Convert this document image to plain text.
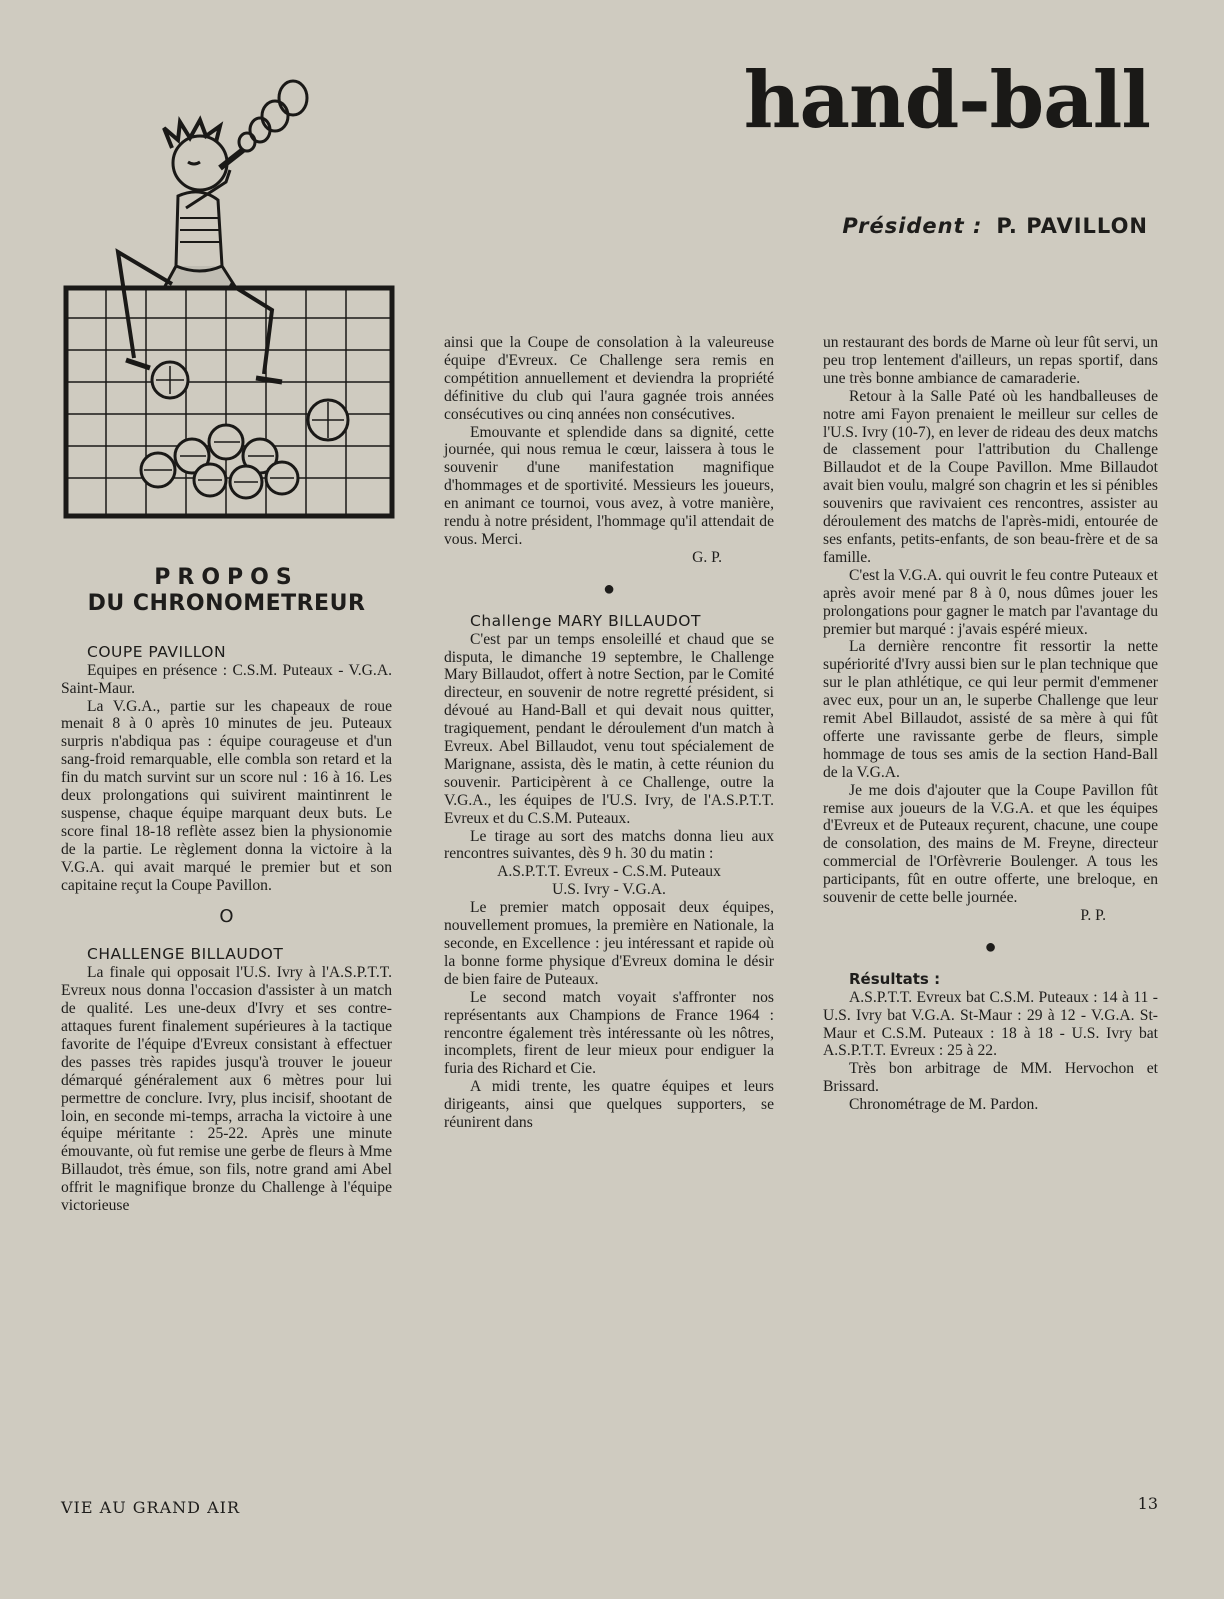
hand-ball

Président : P. PAVILLON

PROPOS
DU CHRONOMETREUR

COUPE PAVILLON

Equipes en présence : C.S.M. Puteaux - V.G.A. Saint-Maur.

La V.G.A., partie sur les chapeaux de roue menait 8 à 0 après 10 minutes de jeu. Puteaux surpris n'abdiqua pas : équipe courageuse et d'un sang-froid remarquable, elle combla son retard et la fin du match survint sur un score nul : 16 à 16. Les deux prolongations qui suivirent maintinrent le suspense, chaque équipe marquant deux buts. Le score final 18-18 reflète assez bien la physionomie de la partie. Le règlement donna la victoire à la V.G.A. qui avait marqué le premier but et son capitaine reçut la Coupe Pavillon.

O

CHALLENGE BILLAUDOT

La finale qui opposait l'U.S. Ivry à l'A.S.P.T.T. Evreux nous donna l'occasion d'assister à un match de qualité. Les une-deux d'Ivry et ses contre-attaques furent finalement supérieures à la tactique favorite de l'équipe d'Evreux consistant à effectuer des passes très rapides jusqu'à trouver le joueur démarqué généralement aux 6 mètres pour lui permettre de conclure. Ivry, plus incisif, shootant de loin, en seconde mi-temps, arracha la victoire à une équipe méritante : 25-22. Après une minute émouvante, où fut remise une gerbe de fleurs à Mme Billaudot, très émue, son fils, notre grand ami Abel offrit le magnifique bronze du Challenge à l'équipe victorieuse

ainsi que la Coupe de consolation à la valeureuse équipe d'Evreux. Ce Challenge sera remis en compétition annuellement et deviendra la propriété définitive du club qui l'aura gagnée trois années consécutives ou cinq années non consécutives.

Emouvante et splendide dans sa dignité, cette journée, qui nous remua le cœur, laissera à tous le souvenir d'une manifestation magnifique d'hommages et de sportivité. Messieurs les joueurs, en animant ce tournoi, vous avez, à votre manière, rendu à notre président, l'hommage qu'il attendait de vous. Merci.

G. P.

●

Challenge MARY BILLAUDOT

C'est par un temps ensoleillé et chaud que se disputa, le dimanche 19 septembre, le Challenge Mary Billaudot, offert à notre Section, par le Comité directeur, en souvenir de notre regretté président, si dévoué au Hand-Ball et qui devait nous quitter, tragiquement, pendant le déroulement d'un match à Evreux. Abel Billaudot, venu tout spécialement de Marignane, assista, dès le matin, à cette réunion du souvenir. Participèrent à ce Challenge, outre la V.G.A., les équipes de l'U.S. Ivry, de l'A.S.P.T.T. Evreux et du C.S.M. Puteaux.

Le tirage au sort des matchs donna lieu aux rencontres suivantes, dès 9 h. 30 du matin :

A.S.P.T.T. Evreux - C.S.M. Puteaux

U.S. Ivry - V.G.A.

Le premier match opposait deux équipes, nouvellement promues, la première en Nationale, la seconde, en Excellence : jeu intéressant et rapide où la bonne forme physique d'Evreux domina le désir de bien faire de Puteaux.

Le second match voyait s'affronter nos représentants aux Champions de France 1964 : rencontre également très intéressante où les nôtres, incomplets, firent de leur mieux pour endiguer la furia des Richard et Cie.

A midi trente, les quatre équipes et leurs dirigeants, ainsi que quelques supporters, se réunirent dans

un restaurant des bords de Marne où leur fût servi, un peu trop lentement d'ailleurs, un repas sportif, dans une très bonne ambiance de camaraderie.

Retour à la Salle Paté où les handballeuses de notre ami Fayon prenaient le meilleur sur celles de l'U.S. Ivry (10-7), en lever de rideau des deux matchs de classement pour l'attribution du Challenge Billaudot et de la Coupe Pavillon. Mme Billaudot avait bien voulu, malgré son chagrin et les si pénibles souvenirs que ravivaient ces rencontres, assister au déroulement des matchs de l'après-midi, entourée de ses enfants, petits-enfants, de son beau-frère et de sa famille.

C'est la V.G.A. qui ouvrit le feu contre Puteaux et après avoir mené par 8 à 0, nous dûmes jouer les prolongations pour gagner le match par l'avantage du premier but marqué : j'avais espéré mieux.

La dernière rencontre fit ressortir la nette supériorité d'Ivry aussi bien sur le plan technique que sur le plan athlétique, ce qui leur permit d'emmener avec eux, pour un an, le superbe Challenge que leur remit Abel Billaudot, assisté de sa mère à qui fût offerte une ravissante gerbe de fleurs, simple hommage de tous ses amis de la section Hand-Ball de la V.G.A.

Je me dois d'ajouter que la Coupe Pavillon fût remise aux joueurs de la V.G.A. et que les équipes d'Evreux et de Puteaux reçurent, chacune, une coupe de consolation, des mains de M. Freyne, directeur commercial de l'Orfèvrerie Boulenger. A tous les participants, fût en outre offerte, une breloque, en souvenir de cette belle journée.

P. P.

●

Résultats :

A.S.P.T.T. Evreux bat C.S.M. Puteaux : 14 à 11 - U.S. Ivry bat V.G.A. St-Maur : 29 à 12 - V.G.A. St-Maur et C.S.M. Puteaux : 18 à 18 - U.S. Ivry bat A.S.P.T.T. Evreux : 25 à 22.

Très bon arbitrage de MM. Hervochon et Brissard.

Chronométrage de M. Pardon.

VIE AU GRAND AIR	13
